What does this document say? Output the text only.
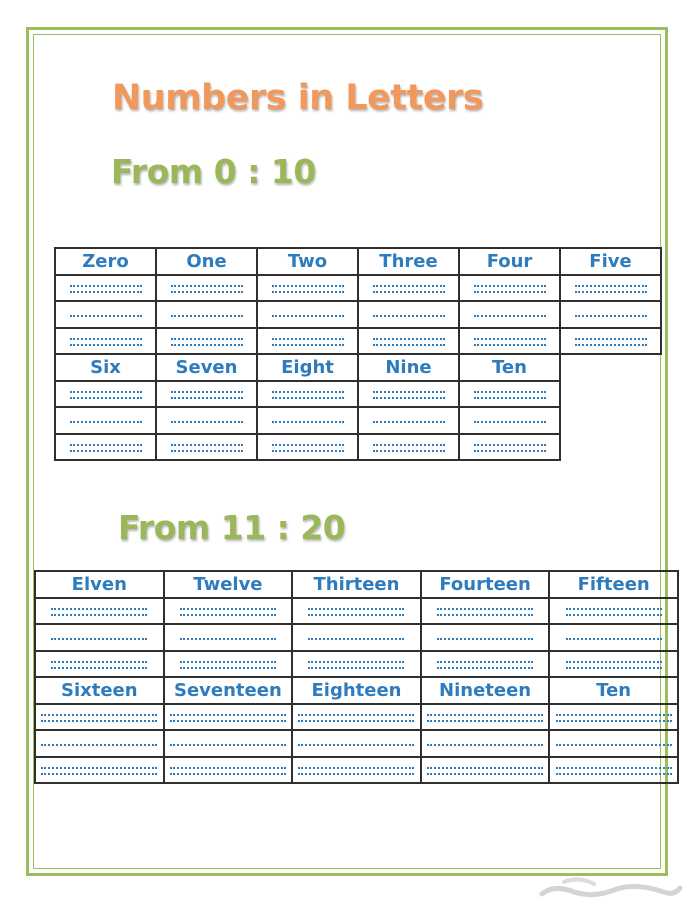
Numbers in Letters
From 0 : 10
Zero	One	Two	Three	Four	Five

Six	Seven	Eight	Nine	Ten	

From 11 : 20
Elven	Twelve	Thirteen	Fourteen	Fifteen

Sixteen	Seventeen	Eighteen	Nineteen	Ten
